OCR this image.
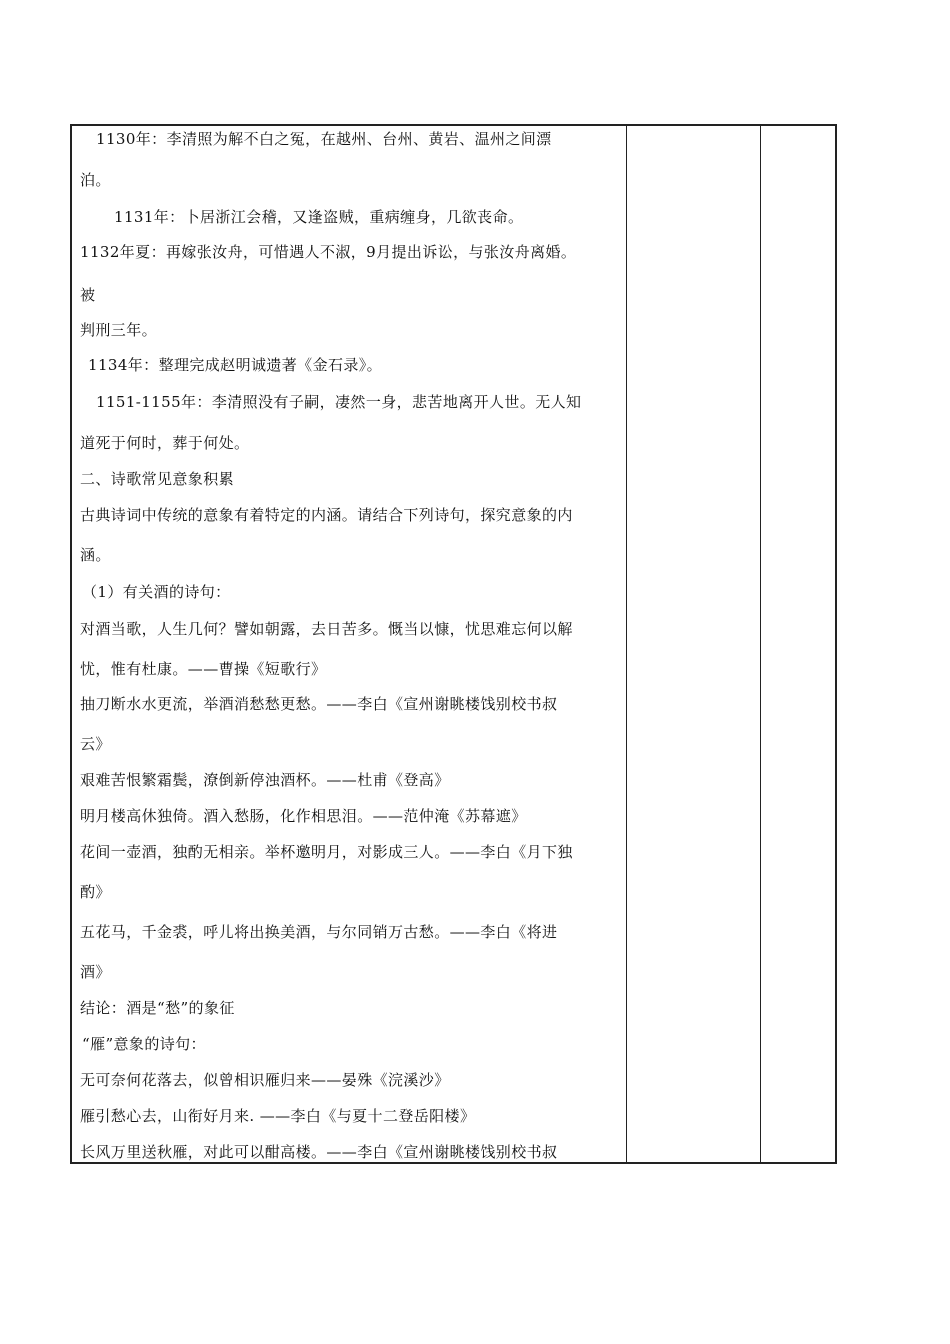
1130年：李清照为解不白之冤，在越州、台州、黄岩、温州之间漂
泊。
1131年：卜居浙江会稽，又逢盗贼，重病缠身，几欲丧命。
1132年夏：再嫁张汝舟，可惜遇人不淑，9月提出诉讼，与张汝舟离婚。
被
判刑三年。
1134年：整理完成赵明诚遗著《金石录》。
1151-1155年：李清照没有子嗣，凄然一身，悲苦地离开人世。无人知
道死于何时，葬于何处。
二、诗歌常见意象积累
古典诗词中传统的意象有着特定的内涵。请结合下列诗句，探究意象的内
涵。
（1）有关酒的诗句：
对酒当歌，人生几何？譬如朝露，去日苦多。慨当以慷，忧思难忘何以解
忧，惟有杜康。——曹操《短歌行》
抽刀断水水更流，举酒消愁愁更愁。——李白《宣州谢眺楼饯别校书叔
云》
艰难苦恨繁霜鬓，潦倒新停浊酒杯。——杜甫《登高》
明月楼高休独倚。酒入愁肠，化作相思泪。——范仲淹《苏幕遮》
花间一壶酒，独酌无相亲。举杯邀明月，对影成三人。——李白《月下独
酌》
五花马，千金裘，呼儿将出换美酒，与尔同销万古愁。——李白《将进
酒》
结论：酒是“愁”的象征
“雁”意象的诗句：
无可奈何花落去，似曾相识雁归来——晏殊《浣溪沙》
雁引愁心去，山衔好月来. ——李白《与夏十二登岳阳楼》
长风万里送秋雁，对此可以酣高楼。——李白《宣州谢眺楼饯别校书叔
